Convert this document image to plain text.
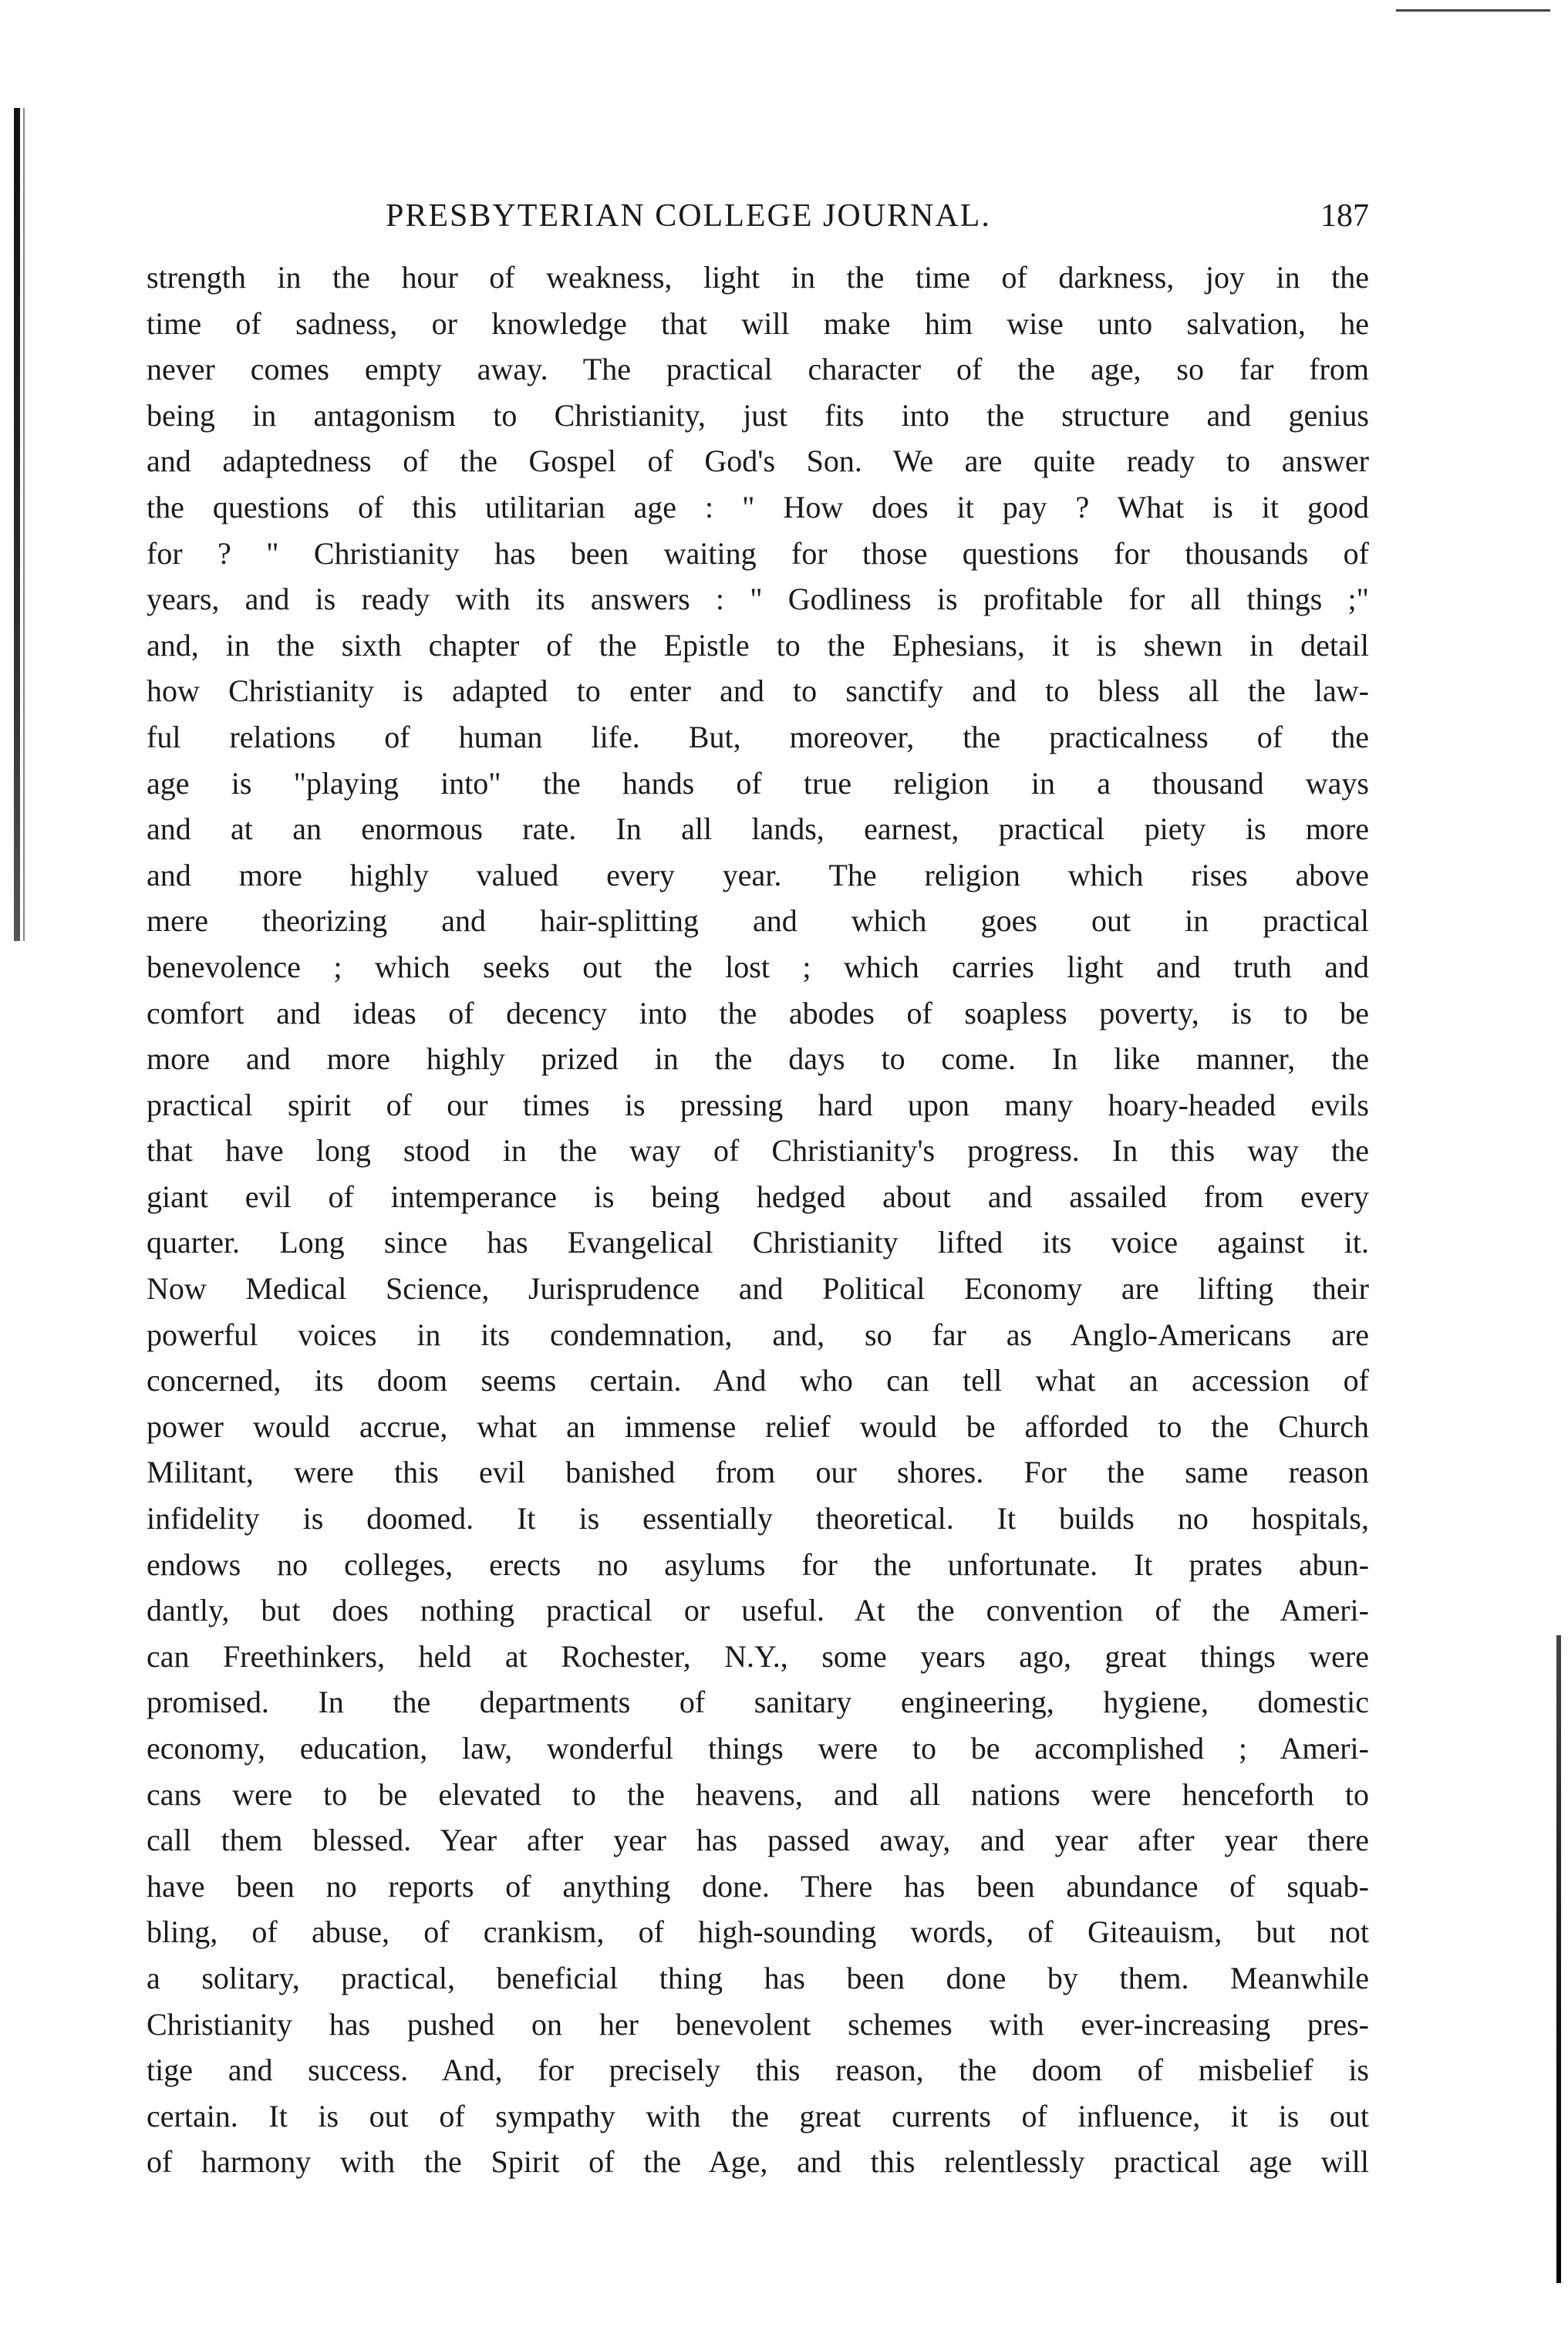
PRESBYTERIAN COLLEGE JOURNAL.	187
strength in the hour of weakness, light in the time of darkness, joy in the
time of sadness, or knowledge that will make him wise unto salvation, he
never comes empty away. The practical character of the age, so far from
being in antagonism to Christianity, just fits into the structure and genius
and adaptedness of the Gospel of God's Son. We are quite ready to answer
the questions of this utilitarian age : " How does it pay ? What is it good
for ? " Christianity has been waiting for those questions for thousands of
years, and is ready with its answers : " Godliness is profitable for all things ;"
and, in the sixth chapter of the Epistle to the Ephesians, it is shewn in detail
how Christianity is adapted to enter and to sanctify and to bless all the law-
ful relations of human life. But, moreover, the practicalness of the
age is "playing into" the hands of true religion in a thousand ways
and at an enormous rate. In all lands, earnest, practical piety is more
and more highly valued every year. The religion which rises above
mere theorizing and hair-splitting and which goes out in practical
benevolence ; which seeks out the lost ; which carries light and truth and
comfort and ideas of decency into the abodes of soapless poverty, is to be
more and more highly prized in the days to come. In like manner, the
practical spirit of our times is pressing hard upon many hoary-headed evils
that have long stood in the way of Christianity's progress. In this way the
giant evil of intemperance is being hedged about and assailed from every
quarter. Long since has Evangelical Christianity lifted its voice against it.
Now Medical Science, Jurisprudence and Political Economy are lifting their
powerful voices in its condemnation, and, so far as Anglo-Americans are
concerned, its doom seems certain. And who can tell what an accession of
power would accrue, what an immense relief would be afforded to the Church
Militant, were this evil banished from our shores. For the same reason
infidelity is doomed. It is essentially theoretical. It builds no hospitals,
endows no colleges, erects no asylums for the unfortunate. It prates abun-
dantly, but does nothing practical or useful. At the convention of the Ameri-
can Freethinkers, held at Rochester, N.Y., some years ago, great things were
promised. In the departments of sanitary engineering, hygiene, domestic
economy, education, law, wonderful things were to be accomplished ; Ameri-
cans were to be elevated to the heavens, and all nations were henceforth to
call them blessed. Year after year has passed away, and year after year there
have been no reports of anything done. There has been abundance of squab-
bling, of abuse, of crankism, of high-sounding words, of Giteauism, but not
a solitary, practical, beneficial thing has been done by them. Meanwhile
Christianity has pushed on her benevolent schemes with ever-increasing pres-
tige and success. And, for precisely this reason, the doom of misbelief is
certain. It is out of sympathy with the great currents of influence, it is out
of harmony with the Spirit of the Age, and this relentlessly practical age will
